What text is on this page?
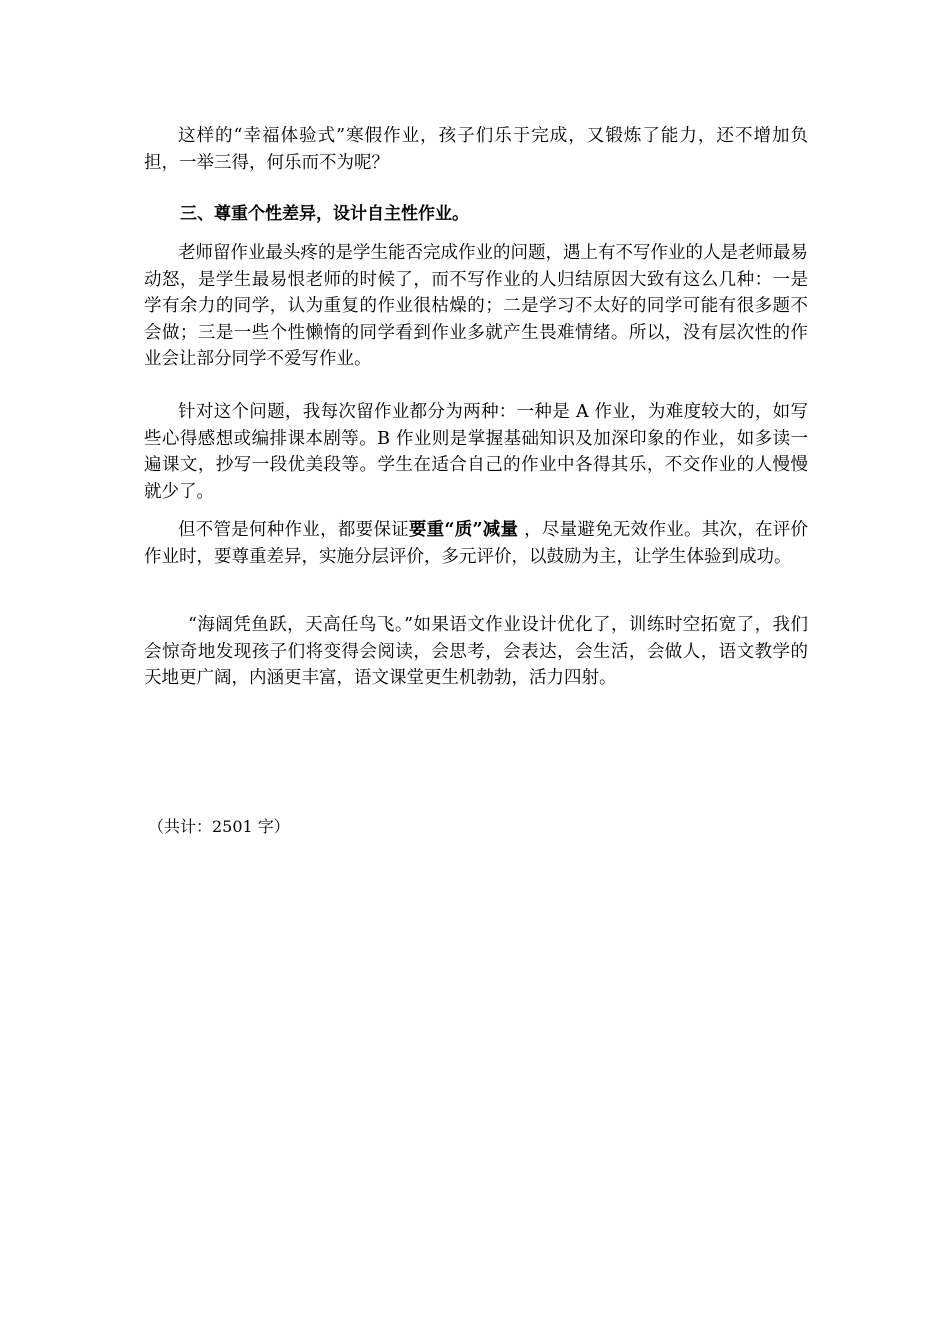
这样的“幸福体验式”寒假作业，孩子们乐于完成，又锻炼了能力，还不增加负担，一举三得，何乐而不为呢？

三、尊重个性差异，设计自主性作业。

老师留作业最头疼的是学生能否完成作业的问题，遇上有不写作业的人是老师最易动怒，是学生最易恨老师的时候了，而不写作业的人归结原因大致有这么几种：一是学有余力的同学，认为重复的作业很枯燥的；二是学习不太好的同学可能有很多题不会做；三是一些个性懒惰的同学看到作业多就产生畏难情绪。所以，没有层次性的作业会让部分同学不爱写作业。

针对这个问题，我每次留作业都分为两种：一种是 A 作业，为难度较大的，如写些心得感想或编排课本剧等。B 作业则是掌握基础知识及加深印象的作业，如多读一遍课文，抄写一段优美段等。学生在适合自己的作业中各得其乐，不交作业的人慢慢就少了。

但不管是何种作业，都要保证要重“质”减量 ，尽量避免无效作业。其次，在评价作业时，要尊重差异，实施分层评价，多元评价，以鼓励为主，让学生体验到成功。

“海阔凭鱼跃，天高任鸟飞。”如果语文作业设计优化了，训练时空拓宽了，我们会惊奇地发现孩子们将变得会阅读，会思考，会表达，会生活，会做人，语文教学的天地更广阔，内涵更丰富，语文课堂更生机勃勃，活力四射。

（共计：2501 字）
